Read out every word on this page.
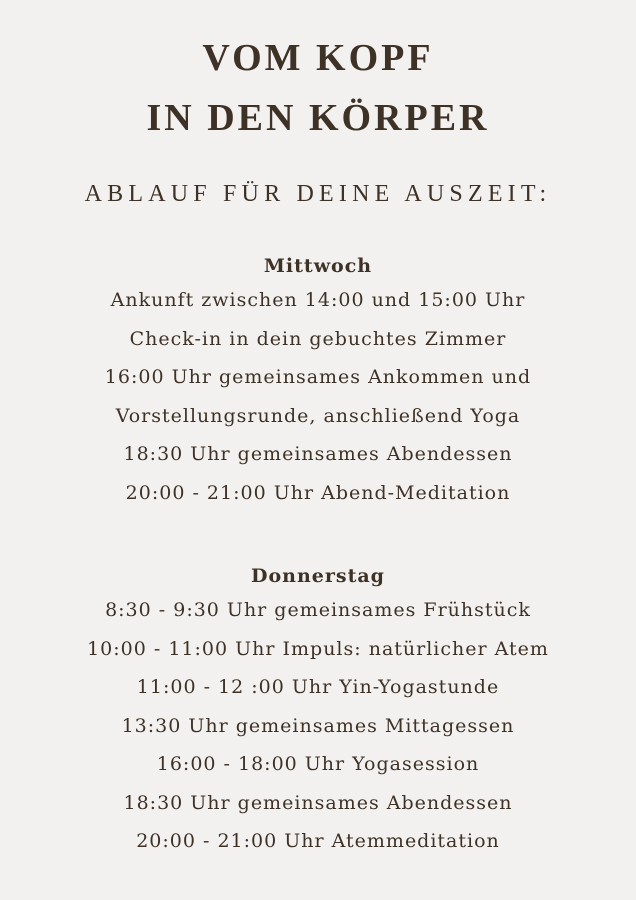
VOM KOPF
IN DEN KÖRPER
ABLAUF FÜR DEINE AUSZEIT:
Mittwoch
Ankunft zwischen 14:00 und 15:00 Uhr
Check-in in dein gebuchtes Zimmer
16:00 Uhr gemeinsames Ankommen und
Vorstellungsrunde, anschließend Yoga
18:30 Uhr gemeinsames Abendessen
20:00 - 21:00 Uhr Abend-Meditation
Donnerstag
8:30 - 9:30 Uhr gemeinsames Frühstück
10:00 - 11:00 Uhr Impuls: natürlicher Atem
11:00 - 12 :00 Uhr Yin-Yogastunde
13:30 Uhr gemeinsames Mittagessen
16:00 - 18:00 Uhr Yogasession
18:30 Uhr gemeinsames Abendessen
20:00 - 21:00 Uhr Atemmeditation
